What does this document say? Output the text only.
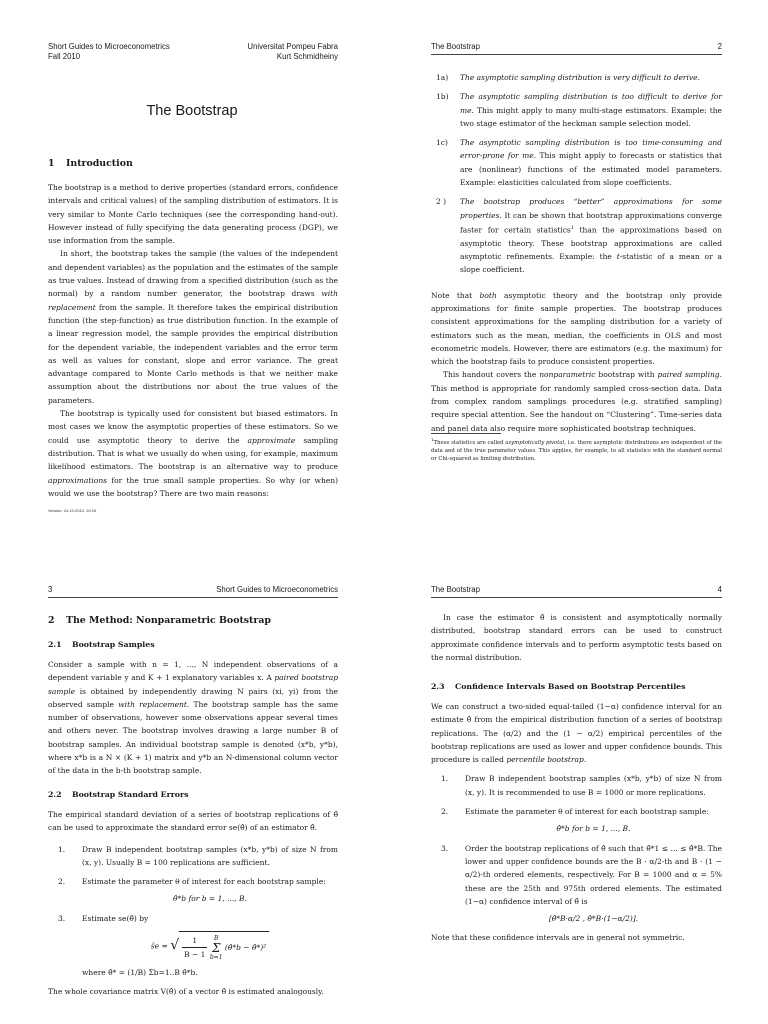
Short Guides to Microeconometrics
Fall 2010
Universitat Pompeu Fabra
Kurt Schmidheiny
The Bootstrap
1 Introduction

The bootstrap is a method to derive properties (standard errors, confidence intervals and critical values) of the sampling distribution of estimators. It is very similar to Monte Carlo techniques (see the corresponding hand-out). However instead of fully specifying the data generating process (DGP), we use information from the sample.

In short, the bootstrap takes the sample (the values of the independent and dependent variables) as the population and the estimates of the sample as true values. Instead of drawing from a specified distribution (such as the normal) by a random number generator, the bootstrap draws with replacement from the sample. It therefore takes the empirical distribution function (the step-function) as true distribution function. In the example of a linear regression model, the sample provides the empirical distribution for the dependent variable, the independent variables and the error term as well as values for constant, slope and error variance. The great advantage compared to Monte Carlo methods is that we neither make assumption about the distributions nor about the true values of the parameters.

The bootstrap is typically used for consistent but biased estimators. In most cases we know the asymptotic properties of these estimators. So we could use asymptotic theory to derive the approximate sampling distribution. That is what we usually do when using, for example, maximum likelihood estimators. The bootstrap is an alternative way to produce approximations for the true small sample properties. So why (or when) would we use the bootstrap? There are two main reasons:

Version: 24-10-2010, 20:15
The Bootstrap	2
1a) The asymptotic sampling distribution is very difficult to derive.
1b) The asymptotic sampling distribution is too difficult to derive for me. This might apply to many multi-stage estimators. Example: the two stage estimator of the heckman sample selection model.
1c) The asymptotic sampling distribution is too time-consuming and error-prone for me. This might apply to forecasts or statistics that are (nonlinear) functions of the estimated model parameters. Example: elasticities calculated from slope coefficients.
2 ) The bootstrap produces “better” approximations for some properties. It can be shown that bootstrap approximations converge faster for certain statistics$^1$ than the approximations based on asymptotic theory. These bootstrap approximations are called asymptotic refinements. Example: the t-statistic of a mean or a slope coefficient.

Note that both asymptotic theory and the bootstrap only provide approximations for finite sample properties. The bootstrap produces consistent approximations for the sampling distribution for a variety of estimators such as the mean, median, the coefficients in OLS and most econometric models. However, there are estimators (e.g. the maximum) for which the bootstrap fails to produce consistent properties.

This handout covers the nonparametric bootstrap with paired sampling. This method is appropriate for randomly sampled cross-section data. Data from complex random samplings procedures (e.g. stratified sampling) require special attention. See the handout on “Clustering”. Time-series data and panel data also require more sophisticated bootstrap techniques.

$^1$These statistics are called asymptotically pivotal, i.e. there asymptotic distributions are independent of the data and of the true parameter values. This applies, for example, to all statistics with the standard normal or Chi-squared as limiting distribution.
3	Short Guides to Microeconometrics
2 The Method: Nonparametric Bootstrap
2.1 Bootstrap Samples

Consider a sample with n = 1, ..., N independent observations of a dependent variable y and K + 1 explanatory variables x. A paired bootstrap sample is obtained by independently drawing N pairs (xi, yi) from the observed sample with replacement. The bootstrap sample has the same number of observations, however some observations appear several times and others never. The bootstrap involves drawing a large number B of bootstrap samples. An individual bootstrap sample is denoted (x*b, y*b), where x*b is a N × (K + 1) matrix and y*b an N-dimensional column vector of the data in the b-th bootstrap sample.

2.2 Bootstrap Standard Errors

The empirical standard deviation of a series of bootstrap replications of θ̂ can be used to approximate the standard error se(θ̂) of an estimator θ̂.

1. Draw B independent bootstrap samples (x*b, y*b) of size N from (x, y). Usually B = 100 replications are sufficient.
2. Estimate the parameter θ of interest for each bootstrap sample:
θ̂*b for b = 1, ..., B.
3. Estimate se(θ̂) by
ŝe = √ $\frac{1}{B - 1}$ B
Σ
b=1 (θ̂*b − θ̂*)²
where θ̂* = (1/B) Σb=1..B θ̂*b.

The whole covariance matrix V(θ̂) of a vector θ̂ is estimated analogously.

The Bootstrap	4

In case the estimator θ̂ is consistent and asymptotically normally distributed, bootstrap standard errors can be used to construct approximate confidence intervals and to perform asymptotic tests based on the normal distribution.

2.3 Confidence Intervals Based on Bootstrap Percentiles

We can construct a two-sided equal-tailed (1−α) confidence interval for an estimate θ̂ from the empirical distribution function of a series of bootstrap replications. The (α/2) and the (1 − α/2) empirical percentiles of the bootstrap replications are used as lower and upper confidence bounds. This procedure is called percentile bootstrap.

1. Draw B independent bootstrap samples (x*b, y*b) of size N from (x, y). It is recommended to use B = 1000 or more replications.
2. Estimate the parameter θ of interest for each bootstrap sample:
θ̂*b for b = 1, ..., B.
3. Order the bootstrap replications of θ̂ such that θ̂*1 ≤ ... ≤ θ̂*B. The lower and upper confidence bounds are the B · α/2-th and B · (1 − α/2)-th ordered elements, respectively. For B = 1000 and α = 5% these are the 25th and 975th ordered elements. The estimated (1−α) confidence interval of θ̂ is
[θ̂*B·α/2 , θ̂*B·(1−α/2)].

Note that these confidence intervals are in general not symmetric.
